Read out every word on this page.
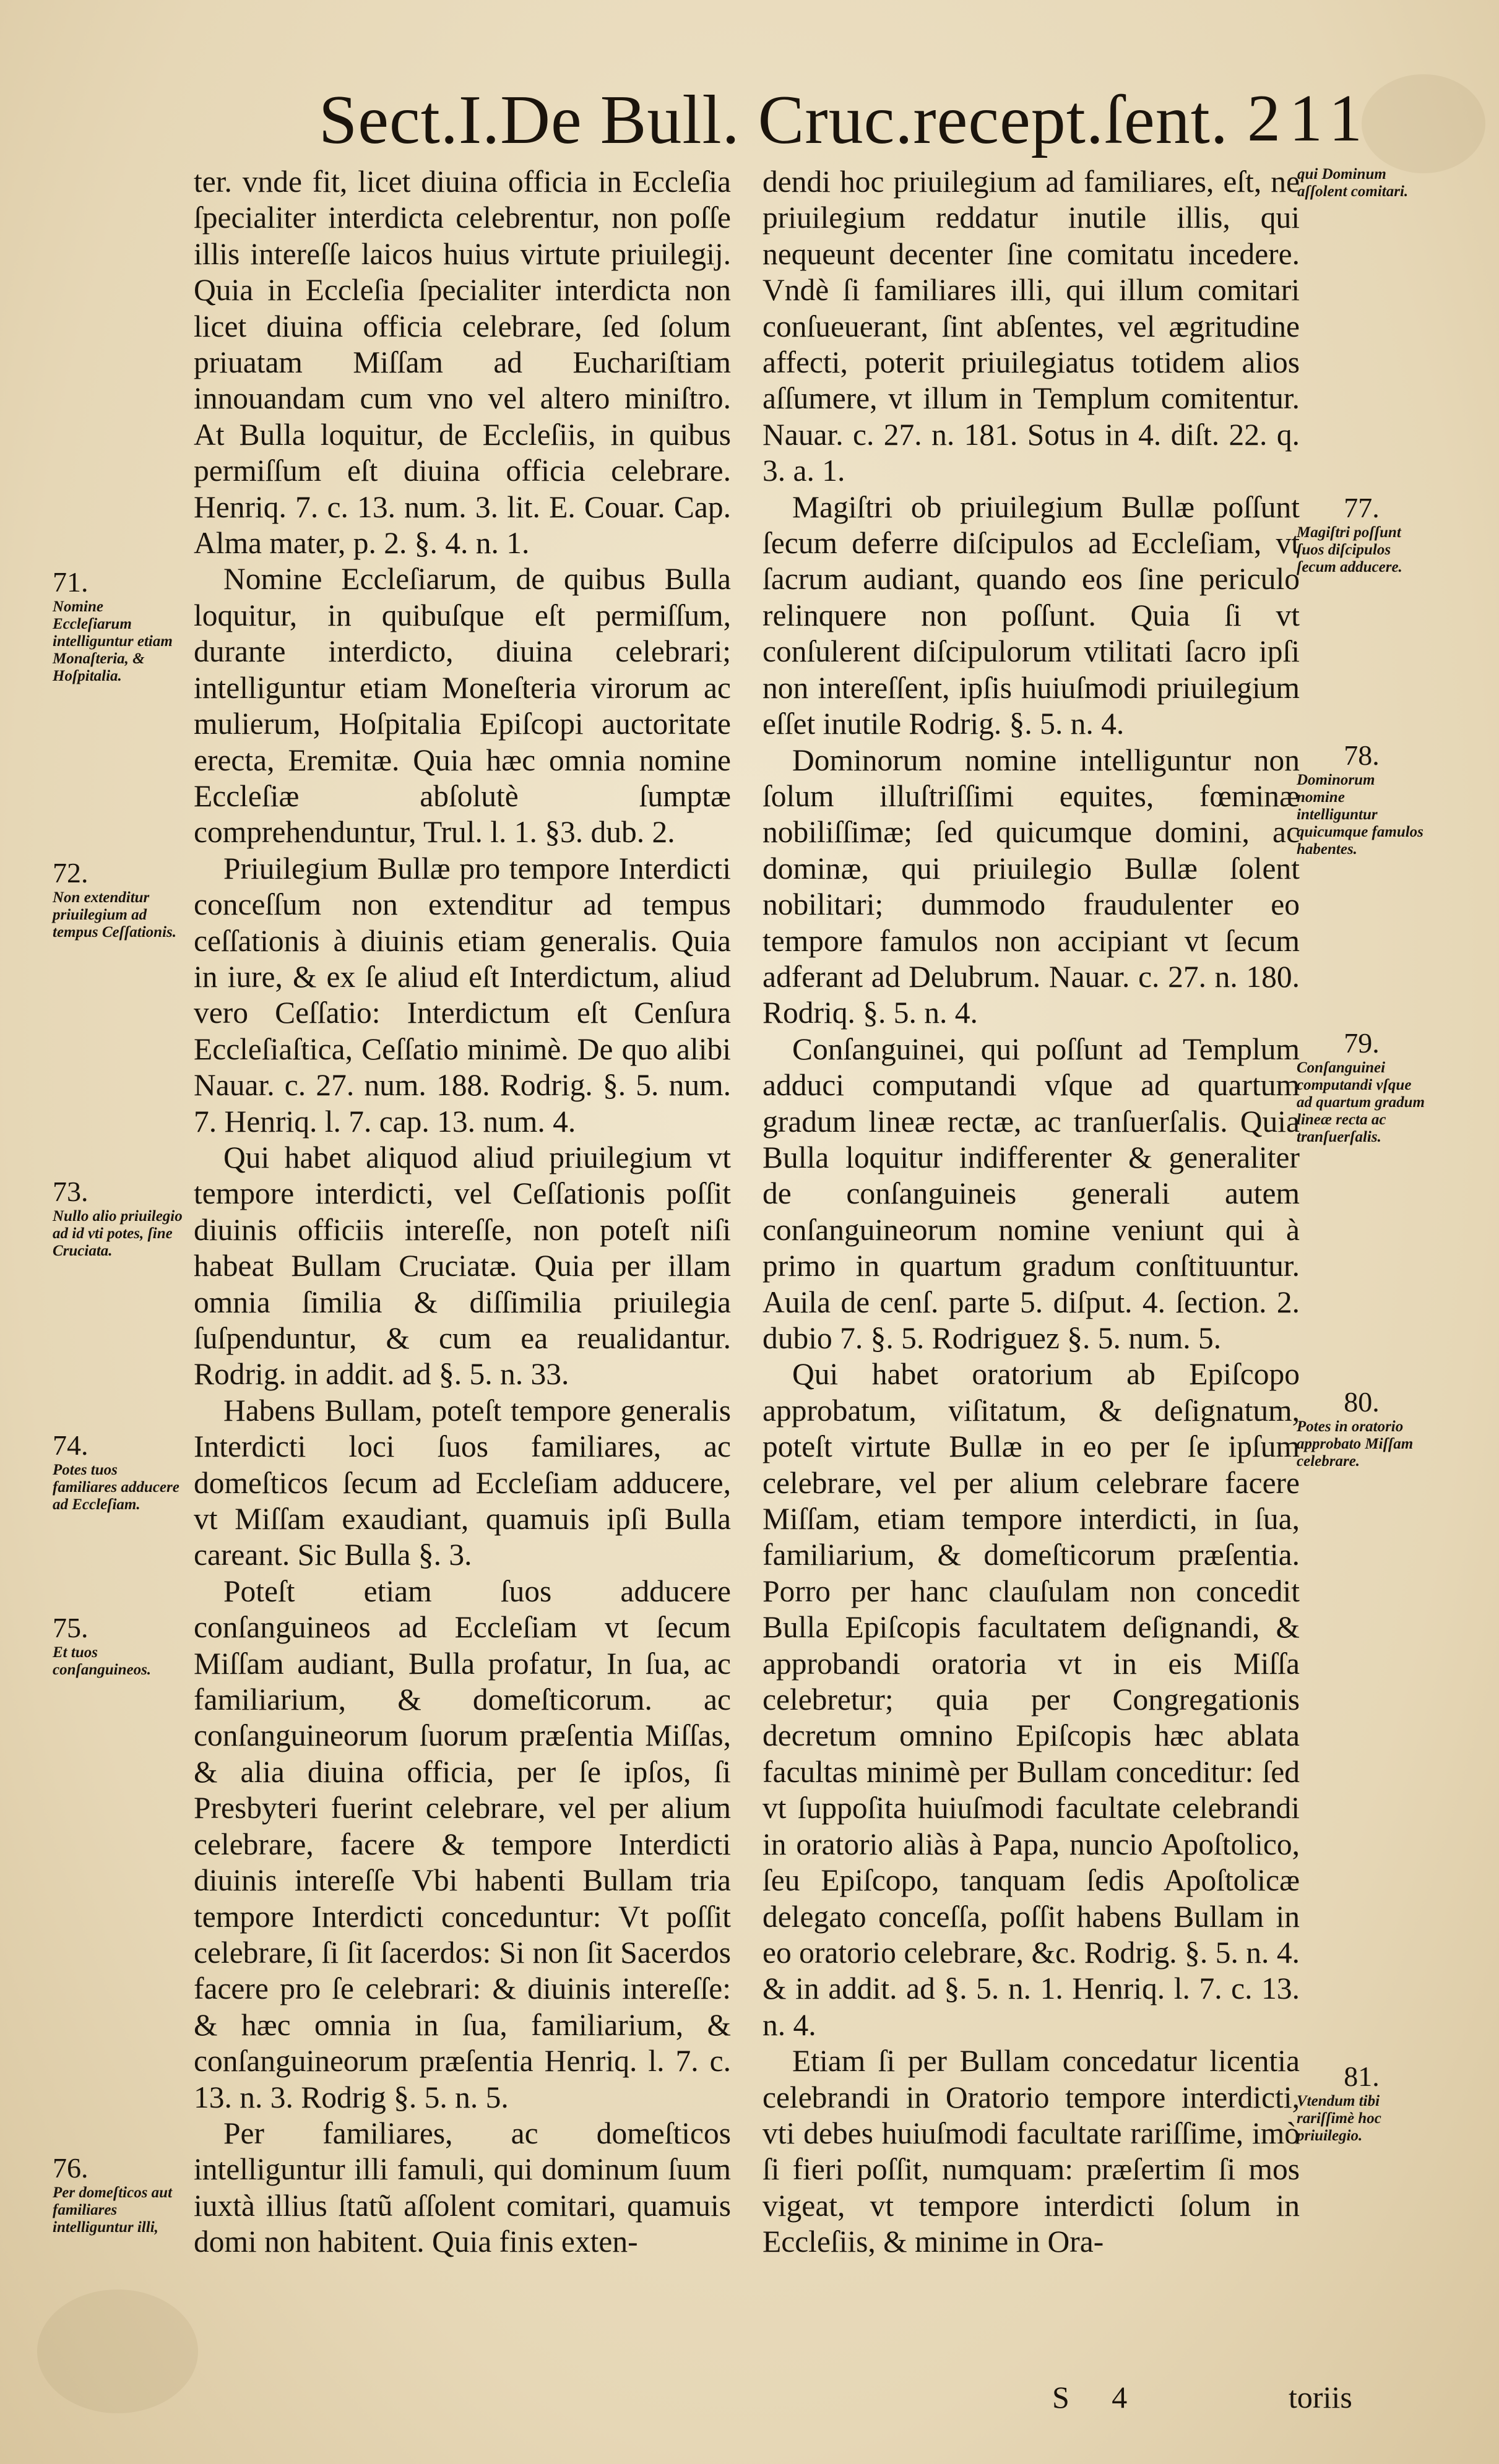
Sect.I.De Bull. Cruc.recept.ſent. 211

ter. vnde fit, licet diuina officia in Eccleſia ſpecialiter interdicta celebrentur, non poſſe illis intereſſe laicos huius virtute priuilegij. Quia in Eccleſia ſpecialiter interdicta non licet diuina officia celebrare, ſed ſolum priuatam Miſſam ad Euchariſtiam innouandam cum vno vel altero miniſtro. At Bulla loquitur, de Eccleſiis, in quibus permiſſum eſt diuina officia celebrare. Henriq. 7. c. 13. num. 3. lit. E. Couar. Cap. Alma mater, p. 2. §. 4. n. 1.

Nomine Eccleſiarum, de quibus Bulla loquitur, in quibuſque eſt permiſſum, durante interdicto, diuina celebrari; intelliguntur etiam Moneſteria virorum ac mulierum, Hoſpitalia Epiſcopi auctoritate erecta, Eremitæ. Quia hæc omnia nomine Eccleſiæ abſolutè ſumptæ comprehenduntur, Trul. l. 1. §3. dub. 2.

Priuilegium Bullæ pro tempore Interdicti conceſſum non extenditur ad tempus ceſſationis à diuinis etiam generalis. Quia in iure, & ex ſe aliud eſt Interdictum, aliud vero Ceſſatio: Interdictum eſt Cenſura Eccleſiaſtica, Ceſſatio minimè. De quo alibi Nauar. c. 27. num. 188. Rodrig. §. 5. num. 7. Henriq. l. 7. cap. 13. num. 4.

Qui habet aliquod aliud priuilegium vt tempore interdicti, vel Ceſſationis poſſit diuinis officiis intereſſe, non poteſt niſi habeat Bullam Cruciatæ. Quia per illam omnia ſimilia & diſſimilia priuilegia ſuſpenduntur, & cum ea reualidantur. Rodrig. in addit. ad §. 5. n. 33.

Habens Bullam, poteſt tempore generalis Interdicti loci ſuos familiares, ac domeſticos ſecum ad Eccleſiam adducere, vt Miſſam exaudiant, quamuis ipſi Bulla careant. Sic Bulla §. 3.

Poteſt etiam ſuos adducere conſanguineos ad Eccleſiam vt ſecum Miſſam audiant, Bulla profatur, In ſua, ac familiarium, & domeſticorum. ac conſanguineorum ſuorum præſentia Miſſas, & alia diuina officia, per ſe ipſos, ſi Presbyteri fuerint celebrare, vel per alium celebrare, facere & tempore Interdicti diuinis intereſſe Vbi habenti Bullam tria tempore Interdicti conceduntur: Vt poſſit celebrare, ſi ſit ſacerdos: Si non ſit Sacerdos facere pro ſe celebrari: & diuinis intereſſe: & hæc omnia in ſua, familiarium, & conſanguineorum præſentia Henriq. l. 7. c. 13. n. 3. Rodrig §. 5. n. 5.

Per familiares, ac domeſticos intelliguntur illi famuli, qui dominum ſuum iuxtà illius ſtatũ aſſolent comitari, quamuis domi non habitent. Quia finis exten-

dendi hoc priuilegium ad familiares, eſt, ne priuilegium reddatur inutile illis, qui nequeunt decenter ſine comitatu incedere. Vndè ſi familiares illi, qui illum comitari conſueuerant, ſint abſentes, vel ægritudine affecti, poterit priuilegiatus totidem alios aſſumere, vt illum in Templum comitentur. Nauar. c. 27. n. 181. Sotus in 4. diſt. 22. q. 3. a. 1.

Magiſtri ob priuilegium Bullæ poſſunt ſecum deferre diſcipulos ad Eccleſiam, vt ſacrum audiant, quando eos ſine periculo relinquere non poſſunt. Quia ſi vt conſulerent diſcipulorum vtilitati ſacro ipſi non intereſſent, ipſis huiuſmodi priuilegium eſſet inutile Rodrig. §. 5. n. 4.

Dominorum nomine intelliguntur non ſolum illuſtriſſimi equites, fœminæ nobiliſſimæ; ſed quicumque domini, ac dominæ, qui priuilegio Bullæ ſolent nobilitari; dummodo fraudulenter eo tempore famulos non accipiant vt ſecum adferant ad Delubrum. Nauar. c. 27. n. 180. Rodriq. §. 5. n. 4.

Conſanguinei, qui poſſunt ad Templum adduci computandi vſque ad quartum gradum lineæ rectæ, ac tranſuerſalis. Quia Bulla loquitur indifferenter & generaliter de conſanguineis generali autem conſanguineorum nomine veniunt qui à primo in quartum gradum conſtituuntur. Auila de cenſ. parte 5. diſput. 4. ſection. 2. dubio 7. §. 5. Rodriguez §. 5. num. 5.

Qui habet oratorium ab Epiſcopo approbatum, viſitatum, & deſignatum, poteſt virtute Bullæ in eo per ſe ipſum celebrare, vel per alium celebrare facere Miſſam, etiam tempore interdicti, in ſua, familiarium, & domeſticorum præſentia. Porro per hanc clauſulam non concedit Bulla Epiſcopis facultatem deſignandi, & approbandi oratoria vt in eis Miſſa celebretur; quia per Congregationis decretum omnino Epiſcopis hæc ablata facultas minimè per Bullam conceditur: ſed vt ſuppoſita huiuſmodi facultate celebrandi in oratorio aliàs à Papa, nuncio Apoſtolico, ſeu Epiſcopo, tanquam ſedis Apoſtolicæ delegato conceſſa, poſſit habens Bullam in eo oratorio celebrare, &c. Rodrig. §. 5. n. 4. & in addit. ad §. 5. n. 1. Henriq. l. 7. c. 13. n. 4.

Etiam ſi per Bullam concedatur licentia celebrandi in Oratorio tempore interdicti, vti debes huiuſmodi facultate rariſſime, imò ſi fieri poſſit, numquam: præſertim ſi mos vigeat, vt tempore interdicti ſolum in Eccleſiis, & minime in Ora-

71.
Nomine Eccleſiarum intelliguntur etiam Monaſteria, & Hoſpitalia.
72.
Non extenditur priuilegium ad tempus Ceſſationis.
73.
Nullo alio priuilegio ad id vti potes, ſine Cruciata.
74.
Potes tuos familiares adducere ad Eccleſiam.
75.
Et tuos conſanguineos.
76.
Per domeſticos aut familiares intelliguntur illi,
qui Dominum aſſolent comitari.
77.
Magiſtri poſſunt ſuos diſcipulos ſecum adducere.
78.
Dominorum nomine intelliguntur quicumque famulos habentes.
79.
Conſanguinei computandi vſque ad quartum gradum lineæ recta ac tranſuerſalis.
80.
Potes in oratorio approbato Miſſam celebrare.
81.
Vtendum tibi rariſſimè hoc priuilegio.
S 4	toriis
